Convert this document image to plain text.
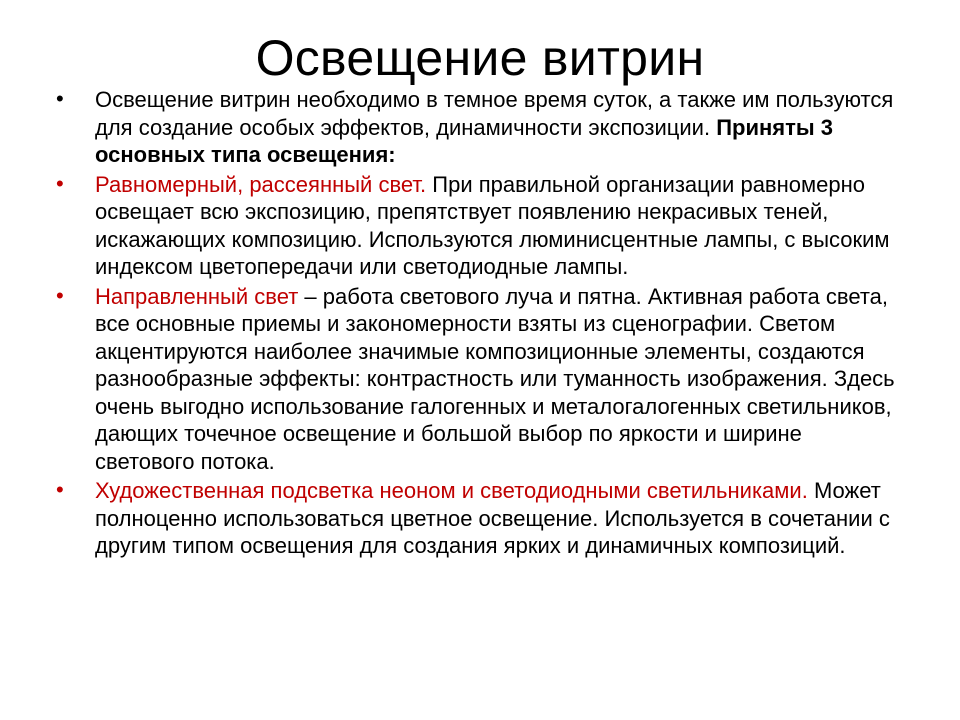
Освещение витрин
•	Освещение витрин необходимо в темное время суток, а также им пользуются для создание особых эффектов, динамичности экспозиции. Приняты 3 основных типа освещения:
•	Равномерный, рассеянный свет. При правильной организации равномерно освещает всю экспозицию, препятствует появлению некрасивых теней, искажающих композицию. Используются люминисцентные лампы, с высоким индексом цветопередачи или светодиодные лампы.
•	Направленный свет – работа светового луча и пятна. Активная работа света, все основные приемы и закономерности взяты из сценографии. Светом акцентируются наиболее значимые композиционные элементы, создаются разнообразные эффекты: контрастность или туманность изображения. Здесь очень выгодно использование галогенных и металогалогенных светильников, дающих точечное освещение и большой выбор по яркости и ширине светового потока.
•	Художественная подсветка неоном и светодиодными светильниками. Может полноценно использоваться цветное освещение. Используется в сочетании с другим типом освещения для создания ярких и динамичных композиций.
